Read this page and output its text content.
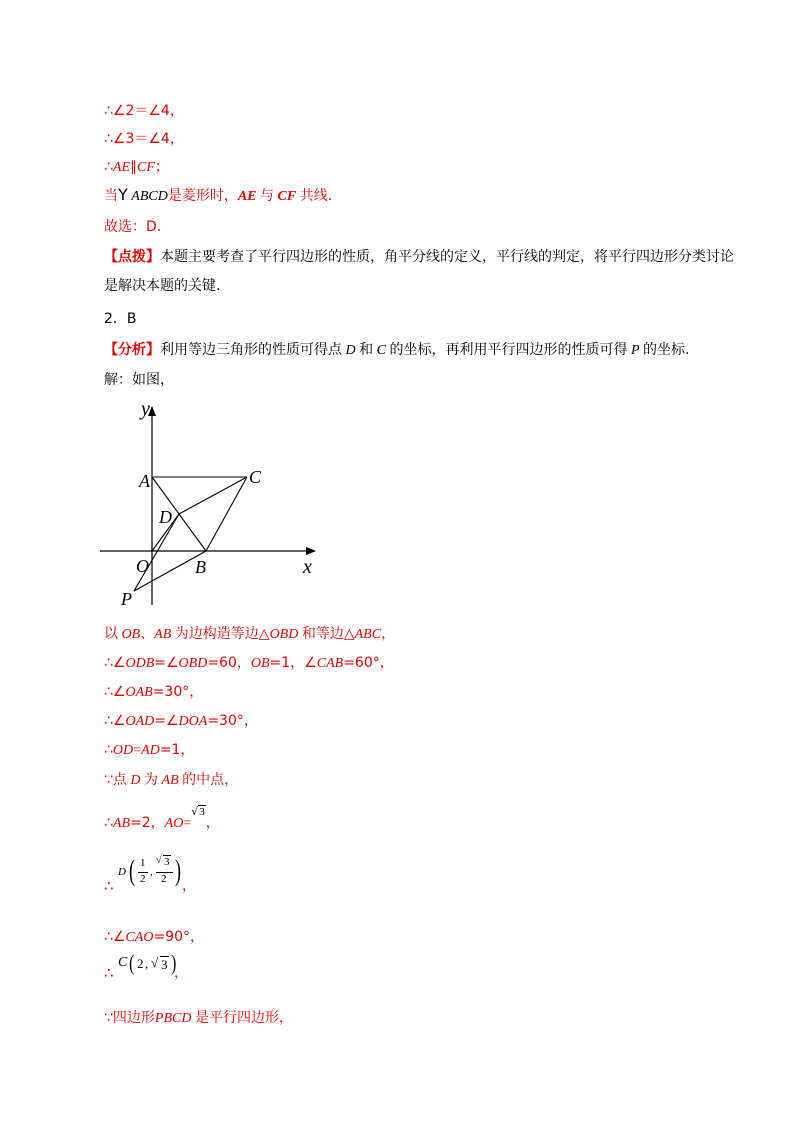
∴∠2＝∠4，
∴∠3＝∠4，
∴AE∥CF；
当Y ABCD是菱形时，AE 与 CF 共线．
故选：D.
【点拨】本题主要考查了平行四边形的性质，角平分线的定义，平行线的判定，将平行四边形分类讨论是解决本题的关键.
2．B
【分析】利用等边三角形的性质可得点 D 和 C 的坐标，再利用平行四边形的性质可得 P 的坐标.
解：如图，
y
x
A	C
D
O	B
P
以 OB、AB 为边构造等边△OBD 和等边△ABC，
∴∠ODB=∠OBD=60，OB=1，∠CAB=60°，
∴∠OAB=30°，
∴∠OAD=∠DOA=30°，
∴OD=AD=1，
∵点 D 为 AB 的中点，
∴AB=2，AO=√3，
∴
D ( 1
2
,
√ 3
2 ) ，
∴∠CAO=90°，
∴
C ( 2 , √ 3 )
，
∵四边形PBCD 是平行四边形，
